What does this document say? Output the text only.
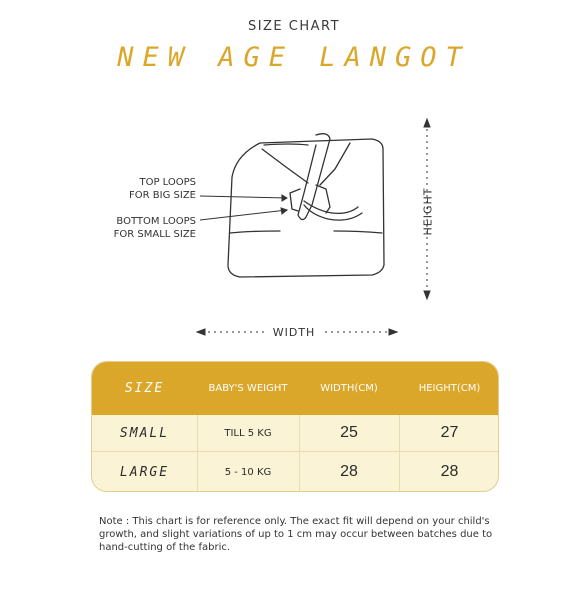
SIZE CHART
NEW AGE LANGOT
TOP LOOPS
FOR BIG SIZE
BOTTOM LOOPS
FOR SMALL SIZE
WIDTH
HEIGHT
SIZE	BABY'S WEIGHT	WIDTH(CM)	HEIGHT(CM)
SMALL	TILL 5 KG	25	27
LARGE	5 - 10 KG	28	28
Note : This chart is for reference only. The exact fit will depend on your child's growth, and slight variations of up to 1 cm may occur between batches due to hand-cutting of the fabric.
